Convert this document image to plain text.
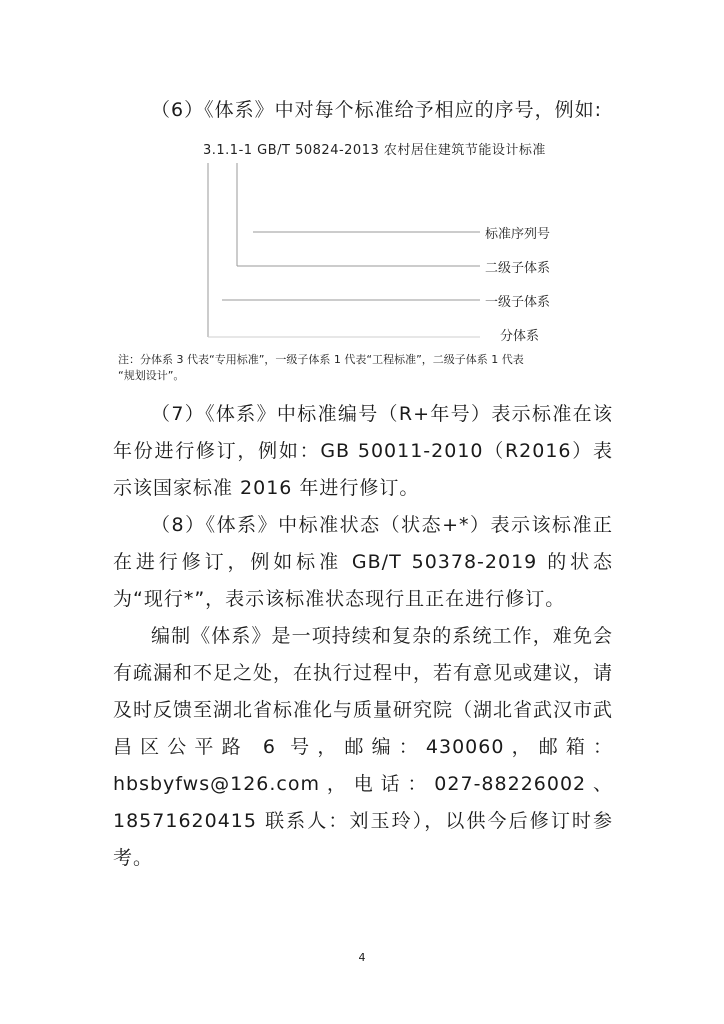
（6）《体系》中对每个标准给予相应的序号，例如:

3.1.1-1 GB/T 50824-2013 农村居住建筑节能设计标准
标准序列号
二级子体系
一级子体系
分体系
注：分体系 3 代表“专用标准”，一级子体系 1 代表“工程标准”，二级子体系 1 代表
“规划设计”。

（7）《体系》中标准编号（R+年号）表示标准在该年份进行修订，例如：GB 50011-2010（R2016）表示该国家标准 2016 年进行修订。

（8）《体系》中标准状态（状态+*）表示该标准正在进行修订，例如标准 GB/T 50378-2019 的状态为“现行*”，表示该标准状态现行且正在进行修订。

编制《体系》是一项持续和复杂的系统工作，难免会有疏漏和不足之处，在执行过程中，若有意见或建议，请及时反馈至湖北省标准化与质量研究院（湖北省武汉市武昌区公平路 6 号，邮编：430060，邮箱：hbsbyfws@126.com，电话：027-88226002、18571620415 联系人：刘玉玲），以供今后修订时参考。

4
